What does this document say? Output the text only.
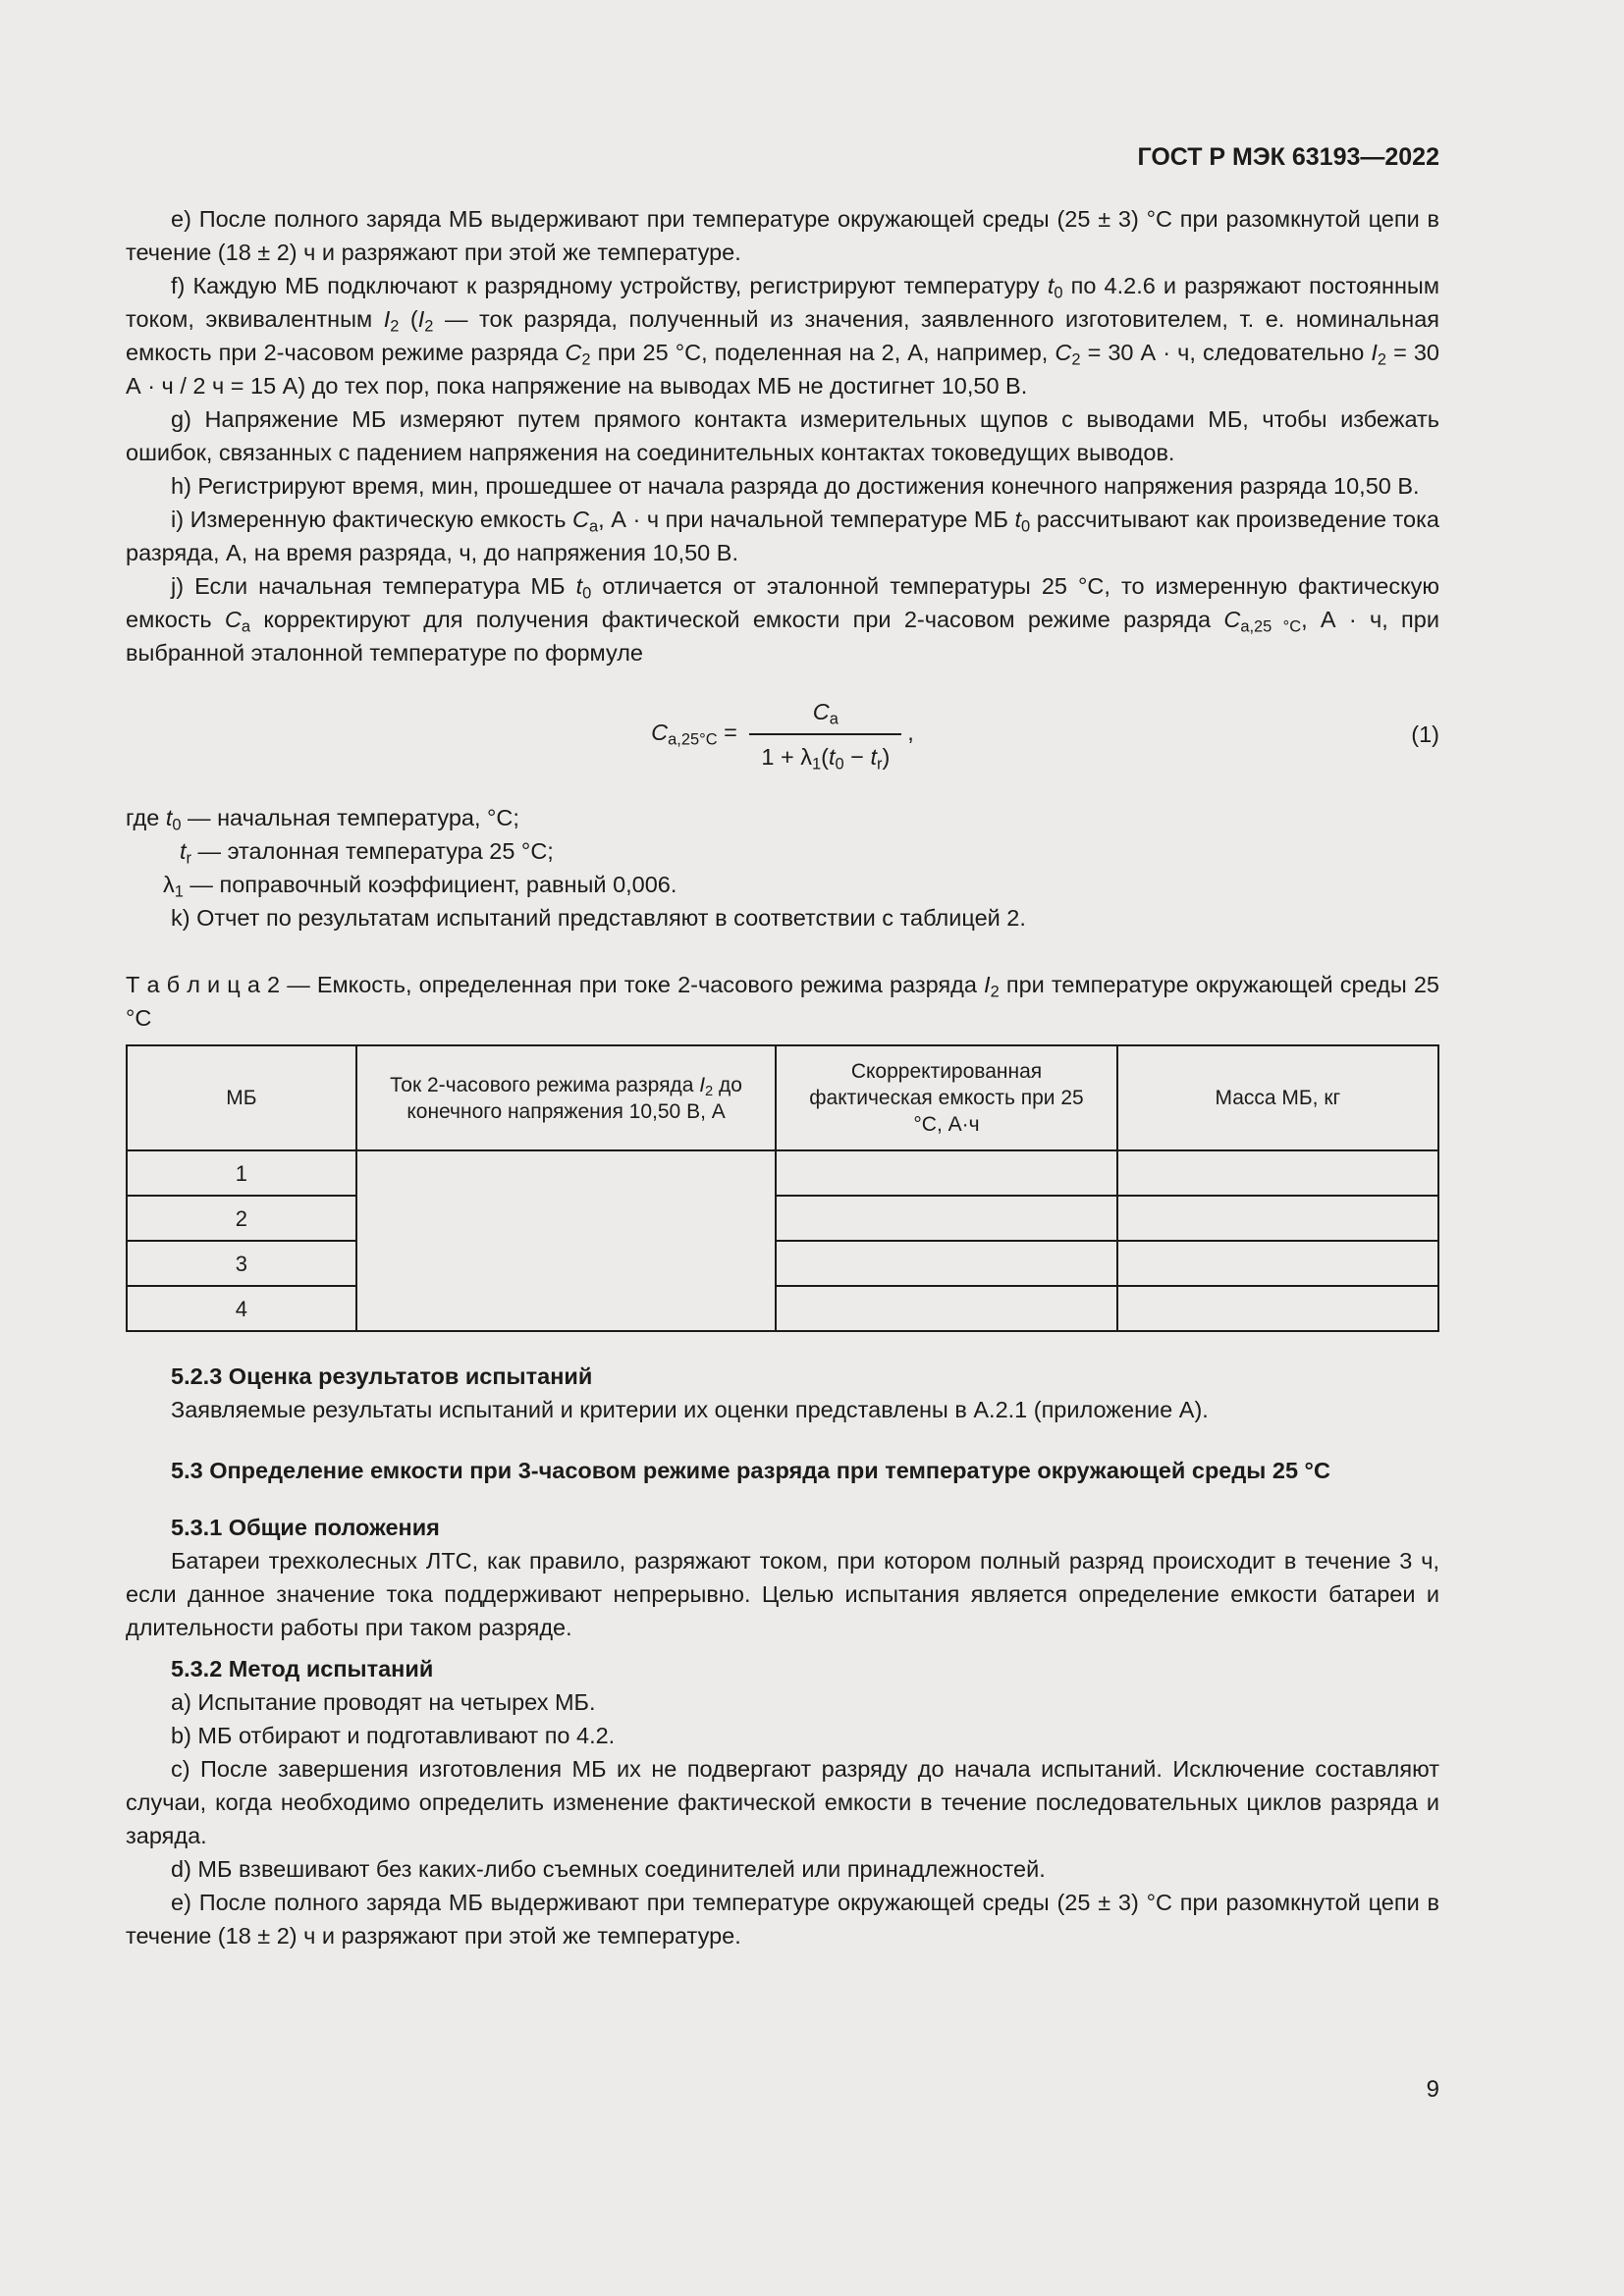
ГОСТ Р МЭК 63193—2022

е) После полного заряда МБ выдерживают при температуре окружающей среды (25 ± 3) °С при разомкнутой цепи в течение (18 ± 2) ч и разряжают при этой же температуре.

f) Каждую МБ подключают к разрядному устройству, регистрируют температуру $t_0$ по 4.2.6 и разряжают постоянным током, эквивалентным $I_2$ ($I_2$ — ток разряда, полученный из значения, заявленного изготовителем, т. е. номинальная емкость при 2-часовом режиме разряда $C_2$ при 25 °С, поделенная на 2, А, например, $C_2 = 30$ А · ч, следовательно $I_2 = 30$ А · ч / 2 ч = 15 А) до тех пор, пока напряжение на выводах МБ не достигнет 10,50 В.

g) Напряжение МБ измеряют путем прямого контакта измерительных щупов с выводами МБ, чтобы избежать ошибок, связанных с падением напряжения на соединительных контактах токоведущих выводов.

h) Регистрируют время, мин, прошедшее от начала разряда до достижения конечного напряжения разряда 10,50 В.

i) Измеренную фактическую емкость $C_а$, А · ч при начальной температуре МБ $t_0$ рассчитывают как произведение тока разряда, А, на время разряда, ч, до напряжения 10,50 В.

j) Если начальная температура МБ $t_0$ отличается от эталонной температуры 25 °С, то измеренную фактическую емкость $C_а$ корректируют для получения фактической емкости при 2-часовом режиме разряда $C_{а,25 ^\circ С}$, А · ч, при выбранной эталонной температуре по формуле

$C_{а,25^\circ С} = \frac{C_а}{1 + \lambda_1(t_0 - t_r)}$ ,	(1)

где $t_0$ — начальная температура, °С;

$t_r$ — эталонная температура 25 °С;

$\lambda_1$ — поправочный коэффициент, равный 0,006.

k) Отчет по результатам испытаний представляют в соответствии с таблицей 2.

Т а б л и ц а 2 — Емкость, определенная при токе 2-часового режима разряда $I_2$ при температуре окружающей среды 25 °С

МБ	Ток 2-часового режима разряда $I_2$ до конечного напряжения 10,50 В, А	Скорректированная фактическая емкость при 25 °С, А·ч	Масса МБ, кг
1			
2			
3			
4			

5.2.3 Оценка результатов испытаний

Заявляемые результаты испытаний и критерии их оценки представлены в А.2.1 (приложение А).

5.3 Определение емкости при 3-часовом режиме разряда при температуре окружающей среды 25 °С

5.3.1 Общие положения

Батареи трехколесных ЛТС, как правило, разряжают током, при котором полный разряд происходит в течение 3 ч, если данное значение тока поддерживают непрерывно. Целью испытания является определение емкости батареи и длительности работы при таком разряде.

5.3.2 Метод испытаний

a) Испытание проводят на четырех МБ.

b) МБ отбирают и подготавливают по 4.2.

c) После завершения изготовления МБ их не подвергают разряду до начала испытаний. Исключение составляют случаи, когда необходимо определить изменение фактической емкости в течение последовательных циклов разряда и заряда.

d) МБ взвешивают без каких-либо съемных соединителей или принадлежностей.

е) После полного заряда МБ выдерживают при температуре окружающей среды (25 ± 3) °С при разомкнутой цепи в течение (18 ± 2) ч и разряжают при этой же температуре.

9
